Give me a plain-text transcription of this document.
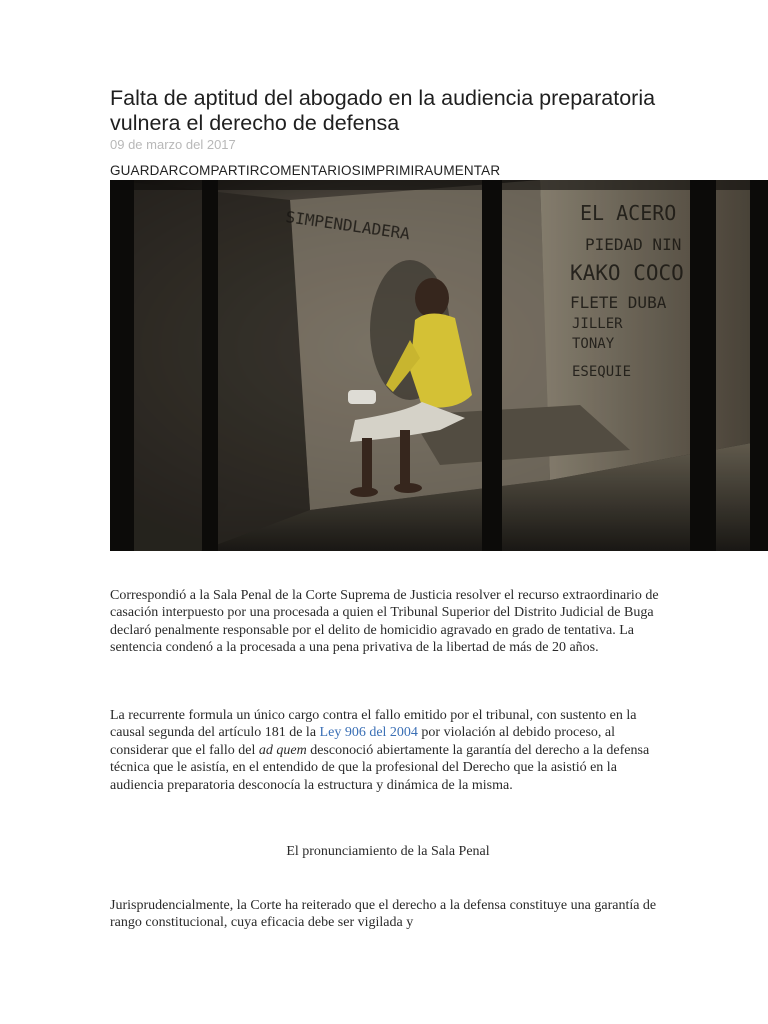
Falta de aptitud del abogado en la audiencia preparatoria vulnera el derecho de defensa
09 de marzo del 2017
GUARDARCOMPARTIRCOMENTARIOSIMPRIMIRAUMENTAR
SIMPENDLADERA	EL ACERO
PIEDAD NIN
KAKO COCO
FLETE DUBA
JILLER
TONAY
ESEQUIE

Correspondió a la Sala Penal de la Corte Suprema de Justicia resolver el recurso extraordinario de casación interpuesto por una procesada a quien el Tribunal Superior del Distrito Judicial de Buga declaró penalmente responsable por el delito de homicidio agravado en grado de tentativa. La sentencia condenó a la procesada a una pena privativa de la libertad de más de 20 años.

La recurrente formula un único cargo contra el fallo emitido por el tribunal, con sustento en la causal segunda del artículo 181 de la Ley 906 del 2004 por violación al debido proceso, al considerar que el fallo del ad quem desconoció abiertamente la garantía del derecho a la defensa técnica que le asistía, en el entendido de que la profesional del Derecho que la asistió en la audiencia preparatoria desconocía la estructura y dinámica de la misma.

El pronunciamiento de la Sala Penal

Jurisprudencialmente, la Corte ha reiterado que el derecho a la defensa constituye una garantía de rango constitucional, cuya eficacia debe ser vigilada y
